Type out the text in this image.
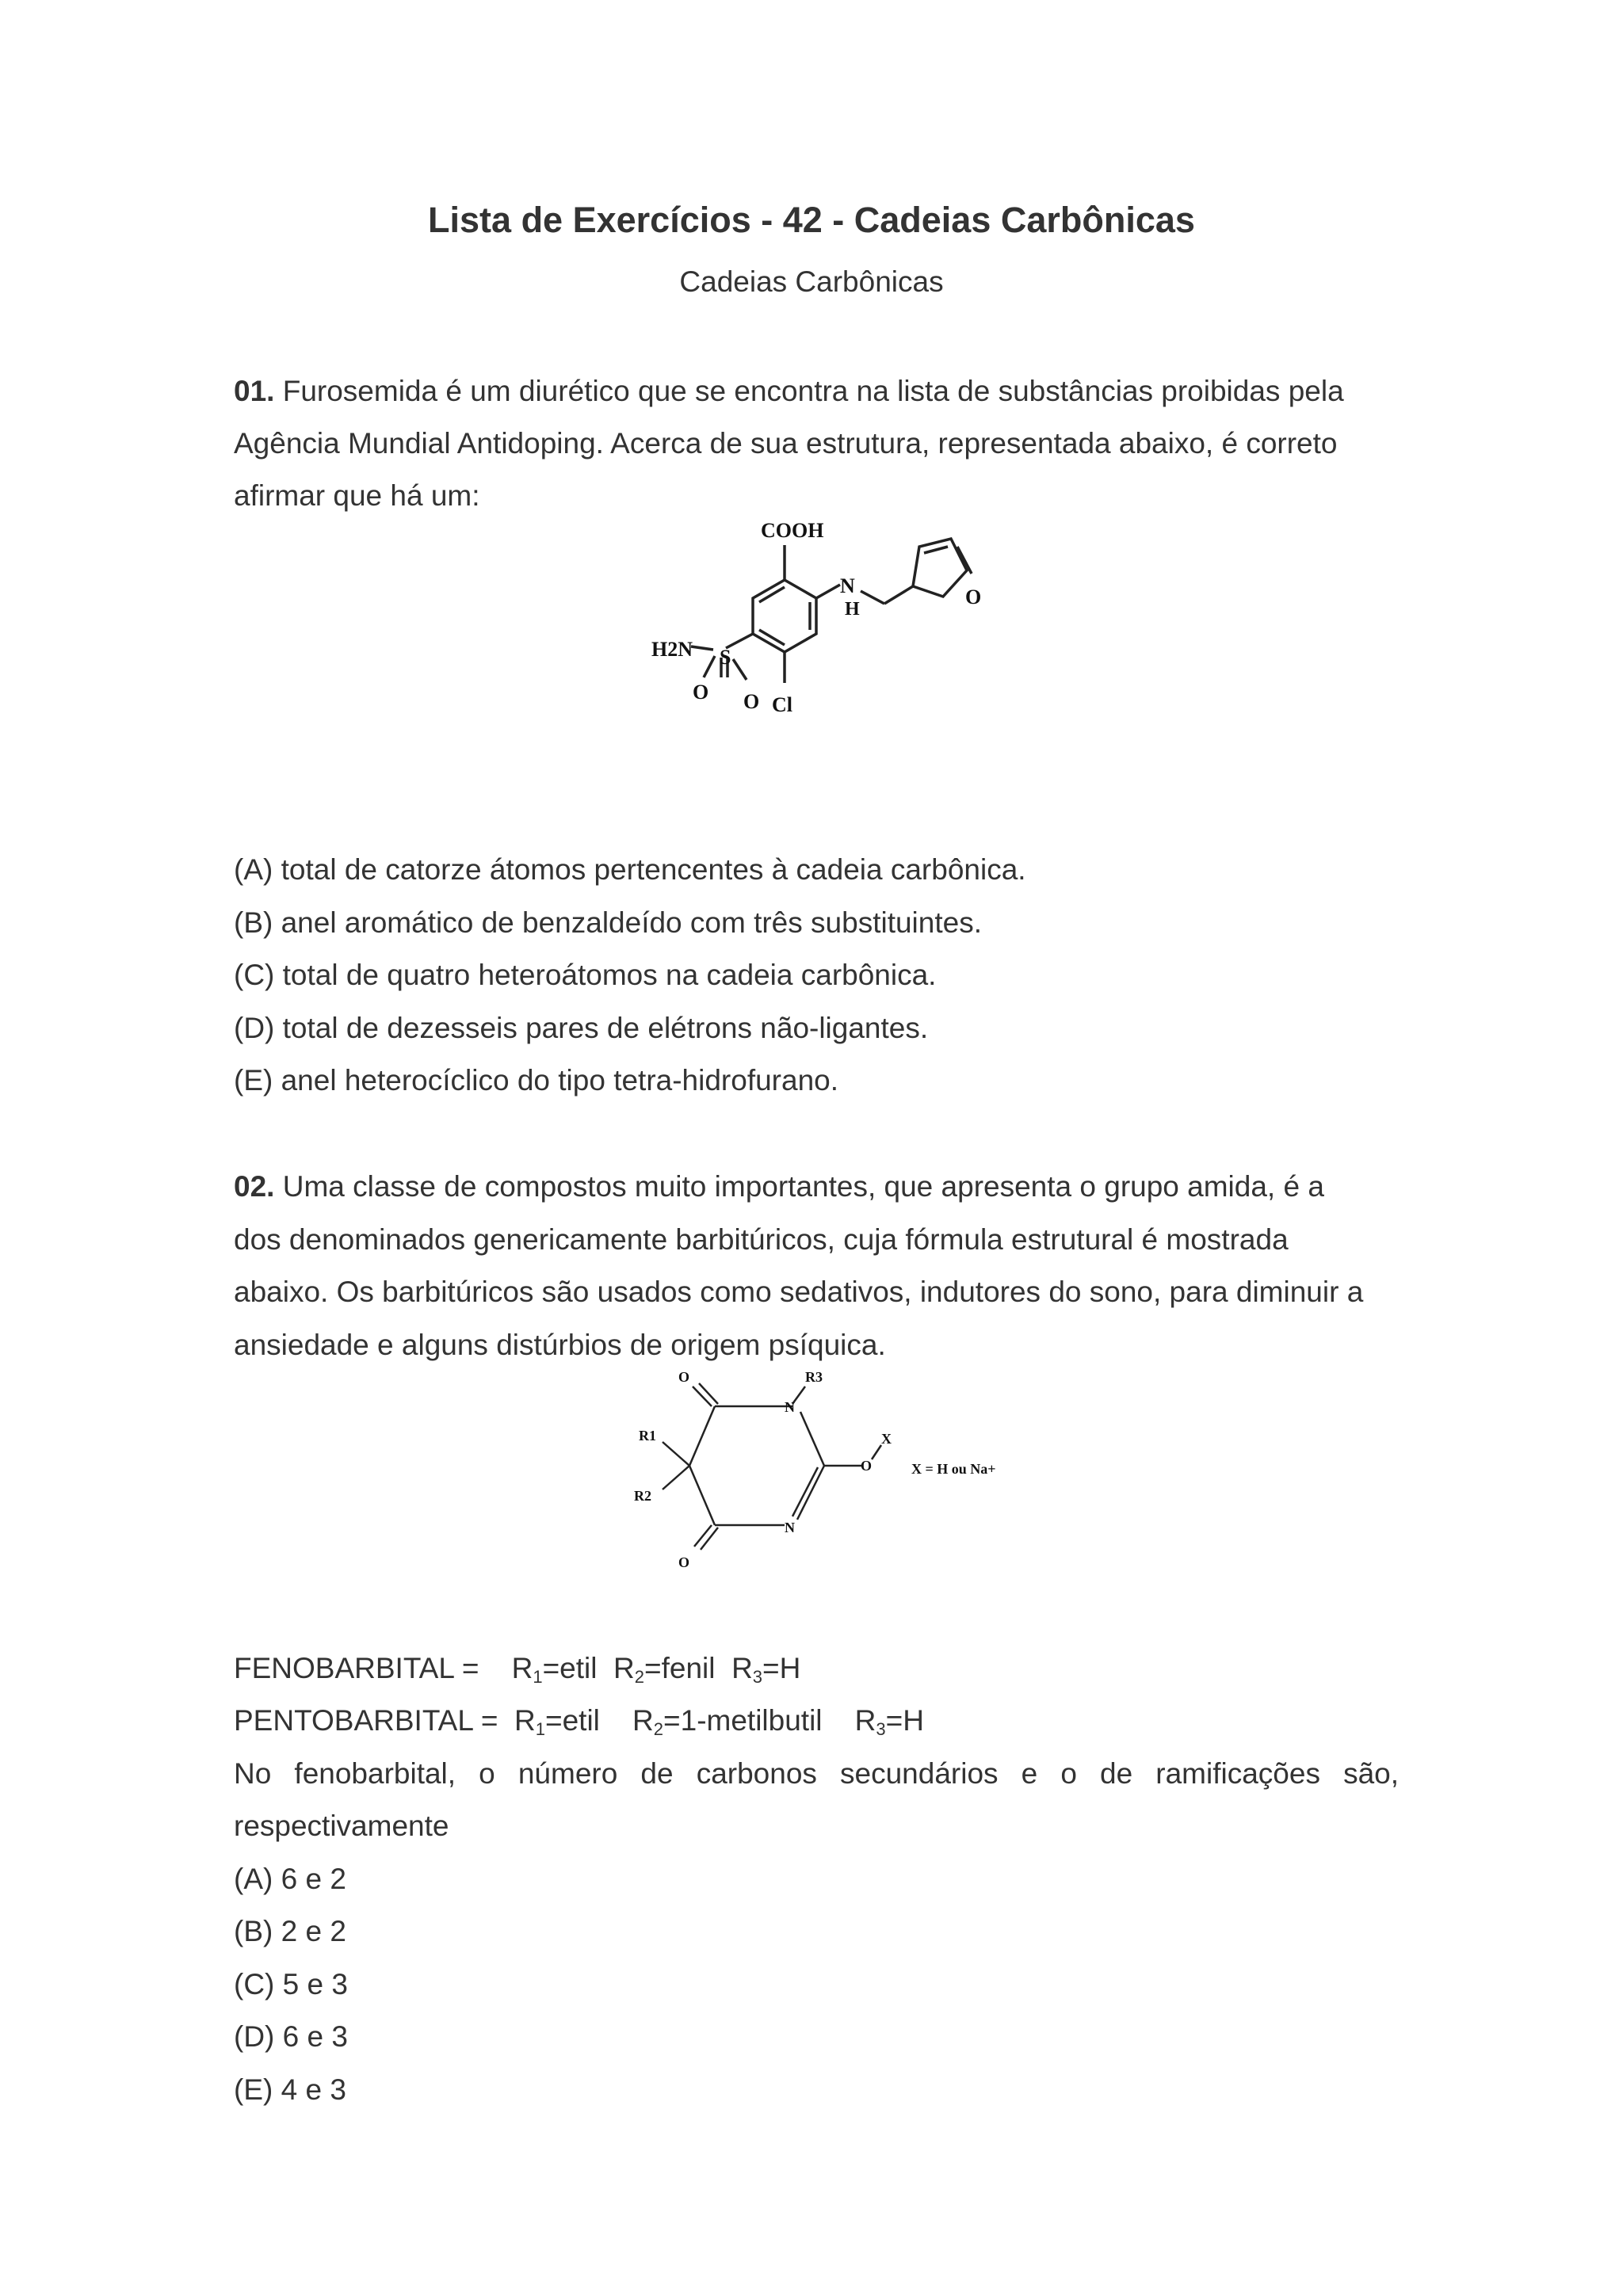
Lista de Exercícios - 42 - Cadeias Carbônicas
Cadeias Carbônicas
01. Furosemida é um diurético que se encontra na lista de substâncias proibidas pela
Agência Mundial Antidoping. Acerca de sua estrutura, representada abaixo, é correto
afirmar que há um:
COOH
N
H
O
H2N S
O O Cl
(A) total de catorze átomos pertencentes à cadeia carbônica.
(B) anel aromático de benzaldeído com três substituintes.
(C) total de quatro heteroátomos na cadeia carbônica.
(D) total de dezesseis pares de elétrons não-ligantes.
(E) anel heterocíclico do tipo tetra-hidrofurano.
02. Uma classe de compostos muito importantes, que apresenta o grupo amida, é a
dos denominados genericamente barbitúricos, cuja fórmula estrutural é mostrada
abaixo. Os barbitúricos são usados como sedativos, indutores do sono, para diminuir a
ansiedade e alguns distúrbios de origem psíquica.
O	R3
N
R1
R2
O
X
X = H ou Na+
N
O
FENOBARBITAL = $R_1=etil$ $R_2=fenil$ $R_3=H$
PENTOBARBITAL = $R_1=etil$ $R_2=1$-metilbutil $R_3=H$
No fenobarbital, o número de carbonos secundários e o de ramificações são,
respectivamente
(A) 6 e 2
(B) 2 e 2
(C) 5 e 3
(D) 6 e 3
(E) 4 e 3
